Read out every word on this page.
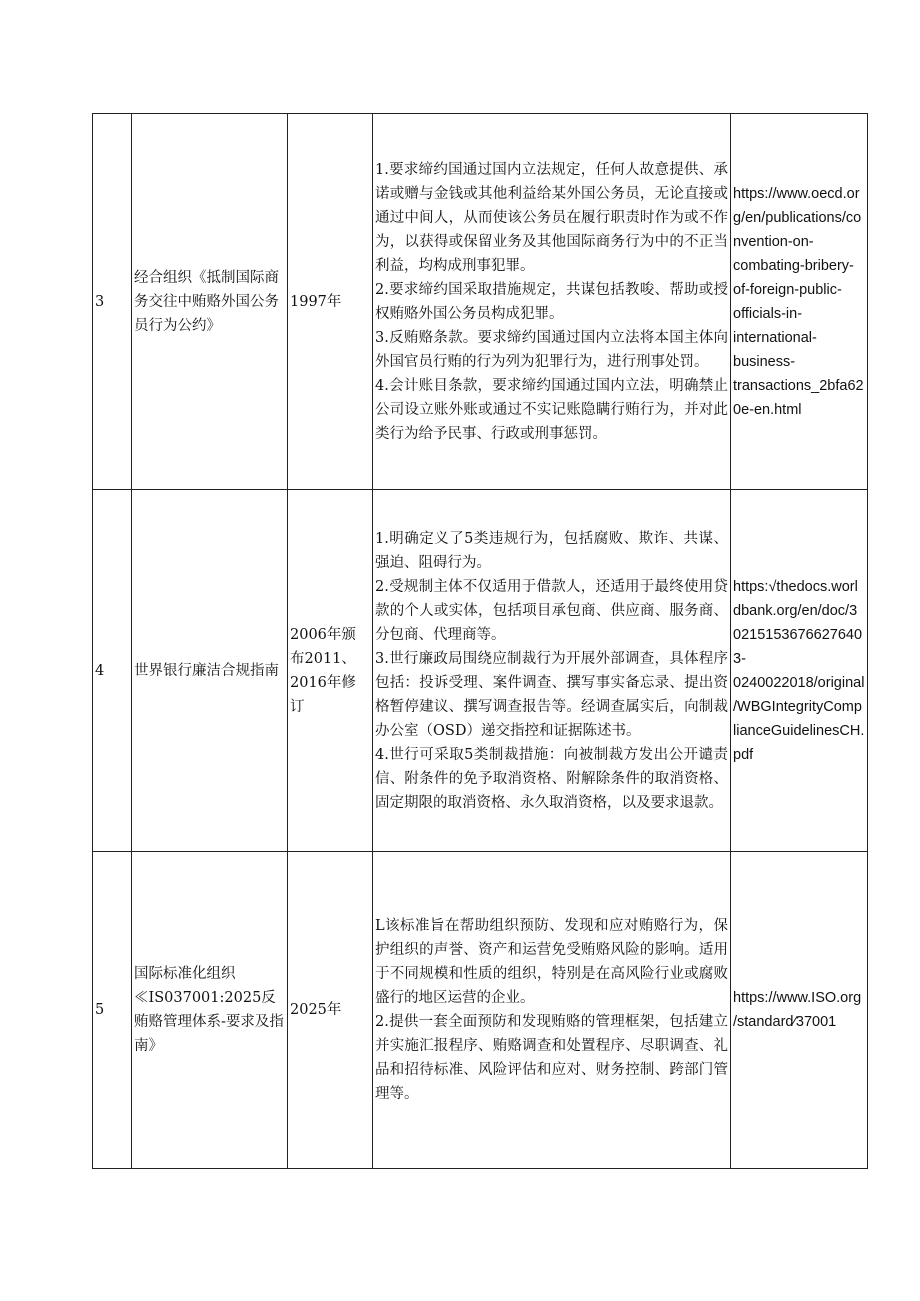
3	经合组织《抵制国际商务交往中贿赂外国公务员行为公约》	1997年	1.要求缔约国通过国内立法规定，任何人故意提供、承诺或赠与金钱或其他利益给某外国公务员，无论直接或通过中间人，从而使该公务员在履行职责时作为或不作为，以获得或保留业务及其他国际商务行为中的不正当利益，均构成刑事犯罪。
2.要求缔约国采取措施规定，共谋包括教唆、帮助或授权贿赂外国公务员构成犯罪。
3.反贿赂条款。要求缔约国通过国内立法将本国主体向外国官员行贿的行为列为犯罪行为，进行刑事处罚。
4.会计账目条款，要求缔约国通过国内立法，明确禁止公司设立账外账或通过不实记账隐瞒行贿行为，并对此类行为给予民事、行政或刑事惩罚。	https://www.oecd.org/en/publications/convention-on-combating-bribery-of-foreign-public-officials-in-international-business-transactions_2bfa620e-en.html
4	世界银行廉洁合规指南	2006年颁布2011、2016年修订	1.明确定义了5类违规行为，包括腐败、欺诈、共谋、强迫、阻碍行为。
2.受规制主体不仅适用于借款人，还适用于最终使用贷款的个人或实体，包括项目承包商、供应商、服务商、分包商、代理商等。
3.世行廉政局围绕应制裁行为开展外部调查，具体程序包括：投诉受理、案件调查、撰写事实备忘录、提出资格暂停建议、撰写调查报告等。经调查属实后，向制裁办公室（OSD）递交指控和证据陈述书。
4.世行可采取5类制裁措施：向被制裁方发出公开谴责信、附条件的免予取消资格、附解除条件的取消资格、固定期限的取消资格、永久取消资格，以及要求退款。	https:√thedocs.worldbank.org/en/doc/302151536766276403-0240022018/original/WBGIntegrityComplianceGuidelinesCH.pdf
5	国际标准化组织≪IS037001:2025反贿赂管理体系-要求及指南》	2025年	L该标准旨在帮助组织预防、发现和应对贿赂行为，保护组织的声誉、资产和运营免受贿赂风险的影响。适用于不同规模和性质的组织，特别是在高风险行业或腐败盛行的地区运营的企业。
2.提供一套全面预防和发现贿赂的管理框架，包括建立并实施汇报程序、贿赂调查和处置程序、尽职调查、礼品和招待标准、风险评估和应对、财务控制、跨部门管理等。	https://www.ISO.org/standard∕37001
